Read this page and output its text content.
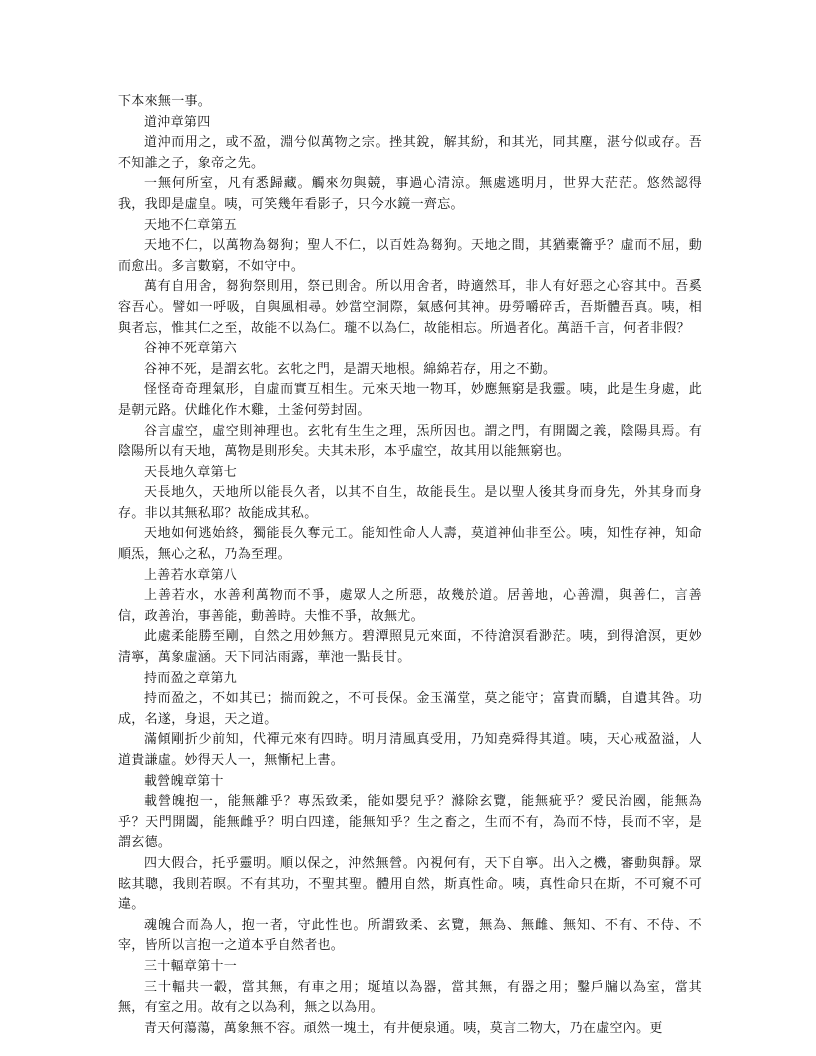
下本來無一事。

道沖章第四

道沖而用之，或不盈，淵兮似萬物之宗。挫其銳，解其紛，和其光，同其塵，湛兮似或存。吾不知誰之子，象帝之先。

一無何所室，凡有悉歸藏。觸來勿與競，事過心清涼。無處逃明月，世界大茫茫。悠然認得我，我即是虛皇。咦，可笑幾年看影子，只今水鏡一齊忘。

天地不仁章第五

天地不仁，以萬物為芻狗；聖人不仁，以百姓為芻狗。天地之間，其猶橐籥乎？虛而不屈，動而愈出。多言數窮，不如守中。

萬有自用舍，芻狗祭則用，祭已則舍。所以用舍者，時適然耳，非人有好惡之心容其中。吾奚容吾心。譬如一呼吸，自與風相尋。妙當空洞際，氣感何其神。毋勞嚼碎舌，吾斯體吾真。咦，相與者忘，惟其仁之至，故能不以為仁。瓏不以為仁，故能相忘。所過者化。萬語千言，何者非假？

谷神不死章第六

谷神不死，是謂玄牝。玄牝之門，是謂天地根。綿綿若存，用之不勤。

怪怪奇奇理氣形，自虛而實互相生。元來天地一物耳，妙應無窮是我靈。咦，此是生身處，此是朝元路。伏雌化作木雞，土釜何勞封固。

谷言虛空，虛空則神理也。玄牝有生生之理，炁所因也。謂之門，有開闔之義，陰陽具焉。有陰陽所以有天地，萬物是則形矣。夫其未形，本乎虛空，故其用以能無窮也。

天長地久章第七

天長地久，天地所以能長久者，以其不自生，故能長生。是以聖人後其身而身先，外其身而身存。非以其無私耶？故能成其私。

天地如何逃始終，獨能長久奪元工。能知性命人人壽，莫道神仙非至公。咦，知性存神，知命順炁，無心之私，乃為至理。

上善若水章第八

上善若水，水善利萬物而不爭，處眾人之所惡，故幾於道。居善地，心善淵，與善仁，言善信，政善治，事善能，動善時。夫惟不爭，故無尤。

此處柔能勝至剛，自然之用妙無方。碧潭照見元來面，不待滄溟看渺茫。咦，到得滄溟，更妙清寧，萬象虛涵。天下同沾雨露，華池一點長甘。

持而盈之章第九

持而盈之，不如其已；揣而銳之，不可長保。金玉滿堂，莫之能守；富貴而驕，自遺其咎。功成，名遂，身退，天之道。

滿傾剛折少前知，代禪元來有四時。明月清風真受用，乃知堯舜得其道。咦，天心戒盈溢，人道貴謙虛。妙得天人一，無慚杞上書。

載營魄章第十

載營魄抱一，能無離乎？專炁致柔，能如嬰兒乎？滌除玄覽，能無疵乎？愛民治國，能無為乎？天門開闔，能無雌乎？明白四達，能無知乎？生之畜之，生而不有，為而不恃，長而不宰，是謂玄德。

四大假合，托乎靈明。順以保之，沖然無營。內視何有，天下自寧。出入之機，審動與靜。眾眩其聰，我則若暝。不有其功，不聖其聖。體用自然，斯真性命。咦，真性命只在斯，不可窺不可違。

魂魄合而為人，抱一者，守此性也。所謂致柔、玄覽，無為、無雌、無知、不有、不侍、不宰，皆所以言抱一之道本乎自然者也。

三十輻章第十一

三十輻共一轂，當其無，有車之用；埏埴以為器，當其無，有器之用；鑿戶牖以為室，當其無，有室之用。故有之以為利，無之以為用。

青天何蕩蕩，萬象無不容。頑然一塊土，有井便泉通。咦，莫言二物大，乃在虛空內。更
